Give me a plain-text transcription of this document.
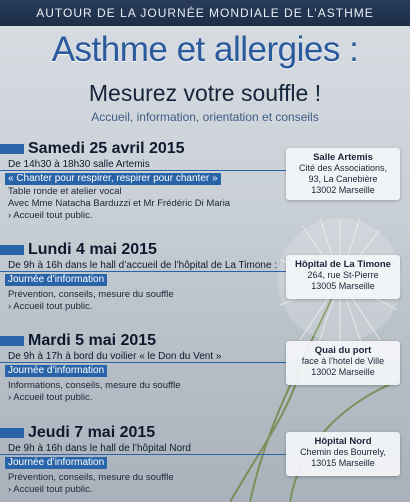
AUTOUR DE LA JOURNÉE MONDIALE DE L’ASTHME
Asthme et allergies :
Mesurez votre souffle !
Accueil, information, orientation et conseils
Samedi 25 avril 2015
De 14h30 à 18h30 salle Artemis
« Chanter pour respirer, respirer pour chanter »
Table ronde et atelier vocal
Avec Mme Natacha Barduzzi et Mr Frédéric Di Maria
› Accueil tout public.
Salle Artemis
Cité des Associations,
93, La Canebière
13002 Marseille
Lundi 4 mai 2015
De 9h à 16h dans le hall d’accueil de l’hôpital de La Timone :
Journée d’information
Prévention, conseils, mesure du souffle
› Accueil tout public.
Hôpital de La Timone
264, rue St-Pierre
13005 Marseille
Mardi 5 mai 2015
De 9h à 17h à bord du voilier « le Don du Vent »
Journée d’information
Informations, conseils, mesure du souffle
› Accueil tout public.
Quai du port
face à l’hotel de Ville
13002 Marseille
Jeudi 7 mai 2015
De 9h à 16h dans le hall de l’hôpital Nord
Journée d’information
Prévention, conseils, mesure du souffle
› Accueil tout public.
Hôpital Nord
Chemin des Bourrely,
13015 Marseille
